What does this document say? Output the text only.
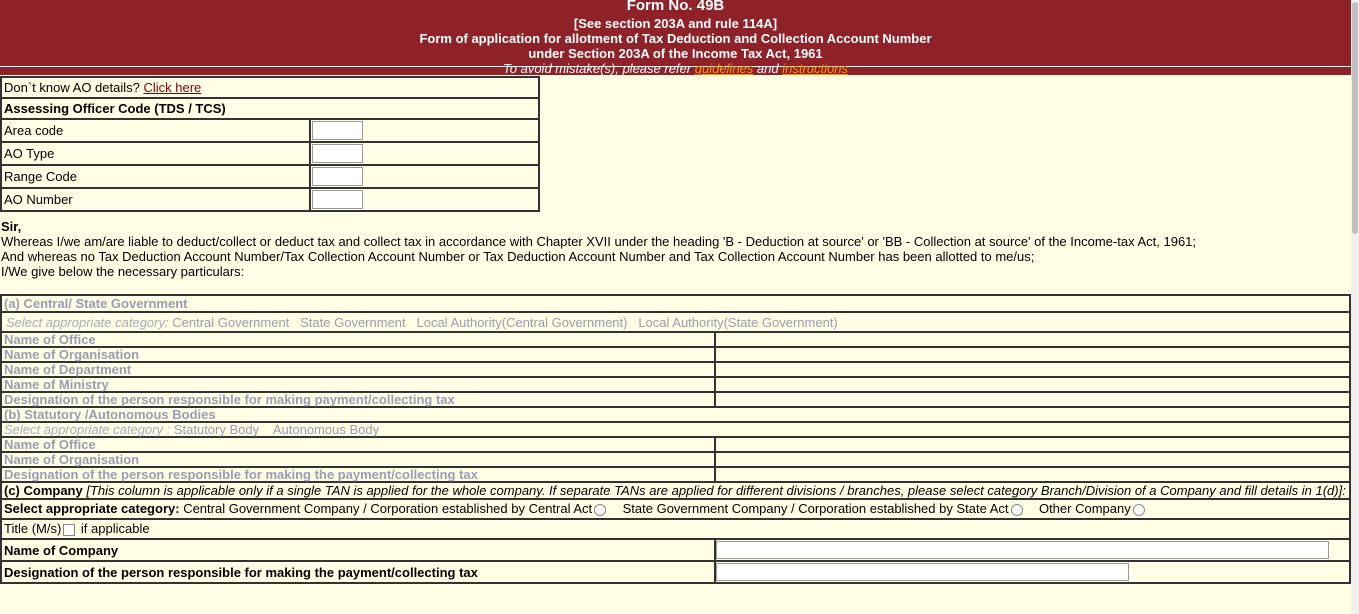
Form No. 49B
[See section 203A and rule 114A]
Form of application for allotment of Tax Deduction and Collection Account Number
under Section 203A of the Income Tax Act, 1961
To avoid mistake(s), please refer guidelines and instructions
Don`t know AO details? Click here	
Assessing Officer Code (TDS / TCS)	
Area code	

AO Type	

Range Code	

AO Number	
Sir,
Whereas I/we am/are liable to deduct/collect or deduct tax and collect tax in accordance with Chapter XVII under the heading 'B - Deduction at source' or 'BB - Collection at source' of the Income-tax Act, 1961;
And whereas no Tax Deduction Account Number/Tax Collection Account Number or Tax Deduction Account Number and Tax Collection Account Number has been allotted to me/us;
I/We give below the necessary particulars:
(a) Central/ State Government	
Select appropriate category: Central Government State Government Local Authority(Central Government) Local Authority(State Government)	
Name of Office	
Name of Organisation	
Name of Department	
Name of Ministry	
Designation of the person responsible for making payment/collecting tax	
(b) Statutory /Autonomous Bodies	
Select appropriate category : Statutory Body Autonomous Body	
Name of Office	
Name of Organisation	
Designation of the person responsible for making the payment/collecting tax	
(c) Company [This column is applicable only if a single TAN is applied for the whole company. If separate TANs are applied for different divisions / branches, please select category Branch/Division of a Company and fill details in 1(d)]:	
Select appropriate category: Central Government Company / Corporation established by Central Act State Government Company / Corporation established by State Act Other Company	
Title (M/s) if applicable	
Name of Company	

Designation of the person responsible for making the payment/collecting tax	
